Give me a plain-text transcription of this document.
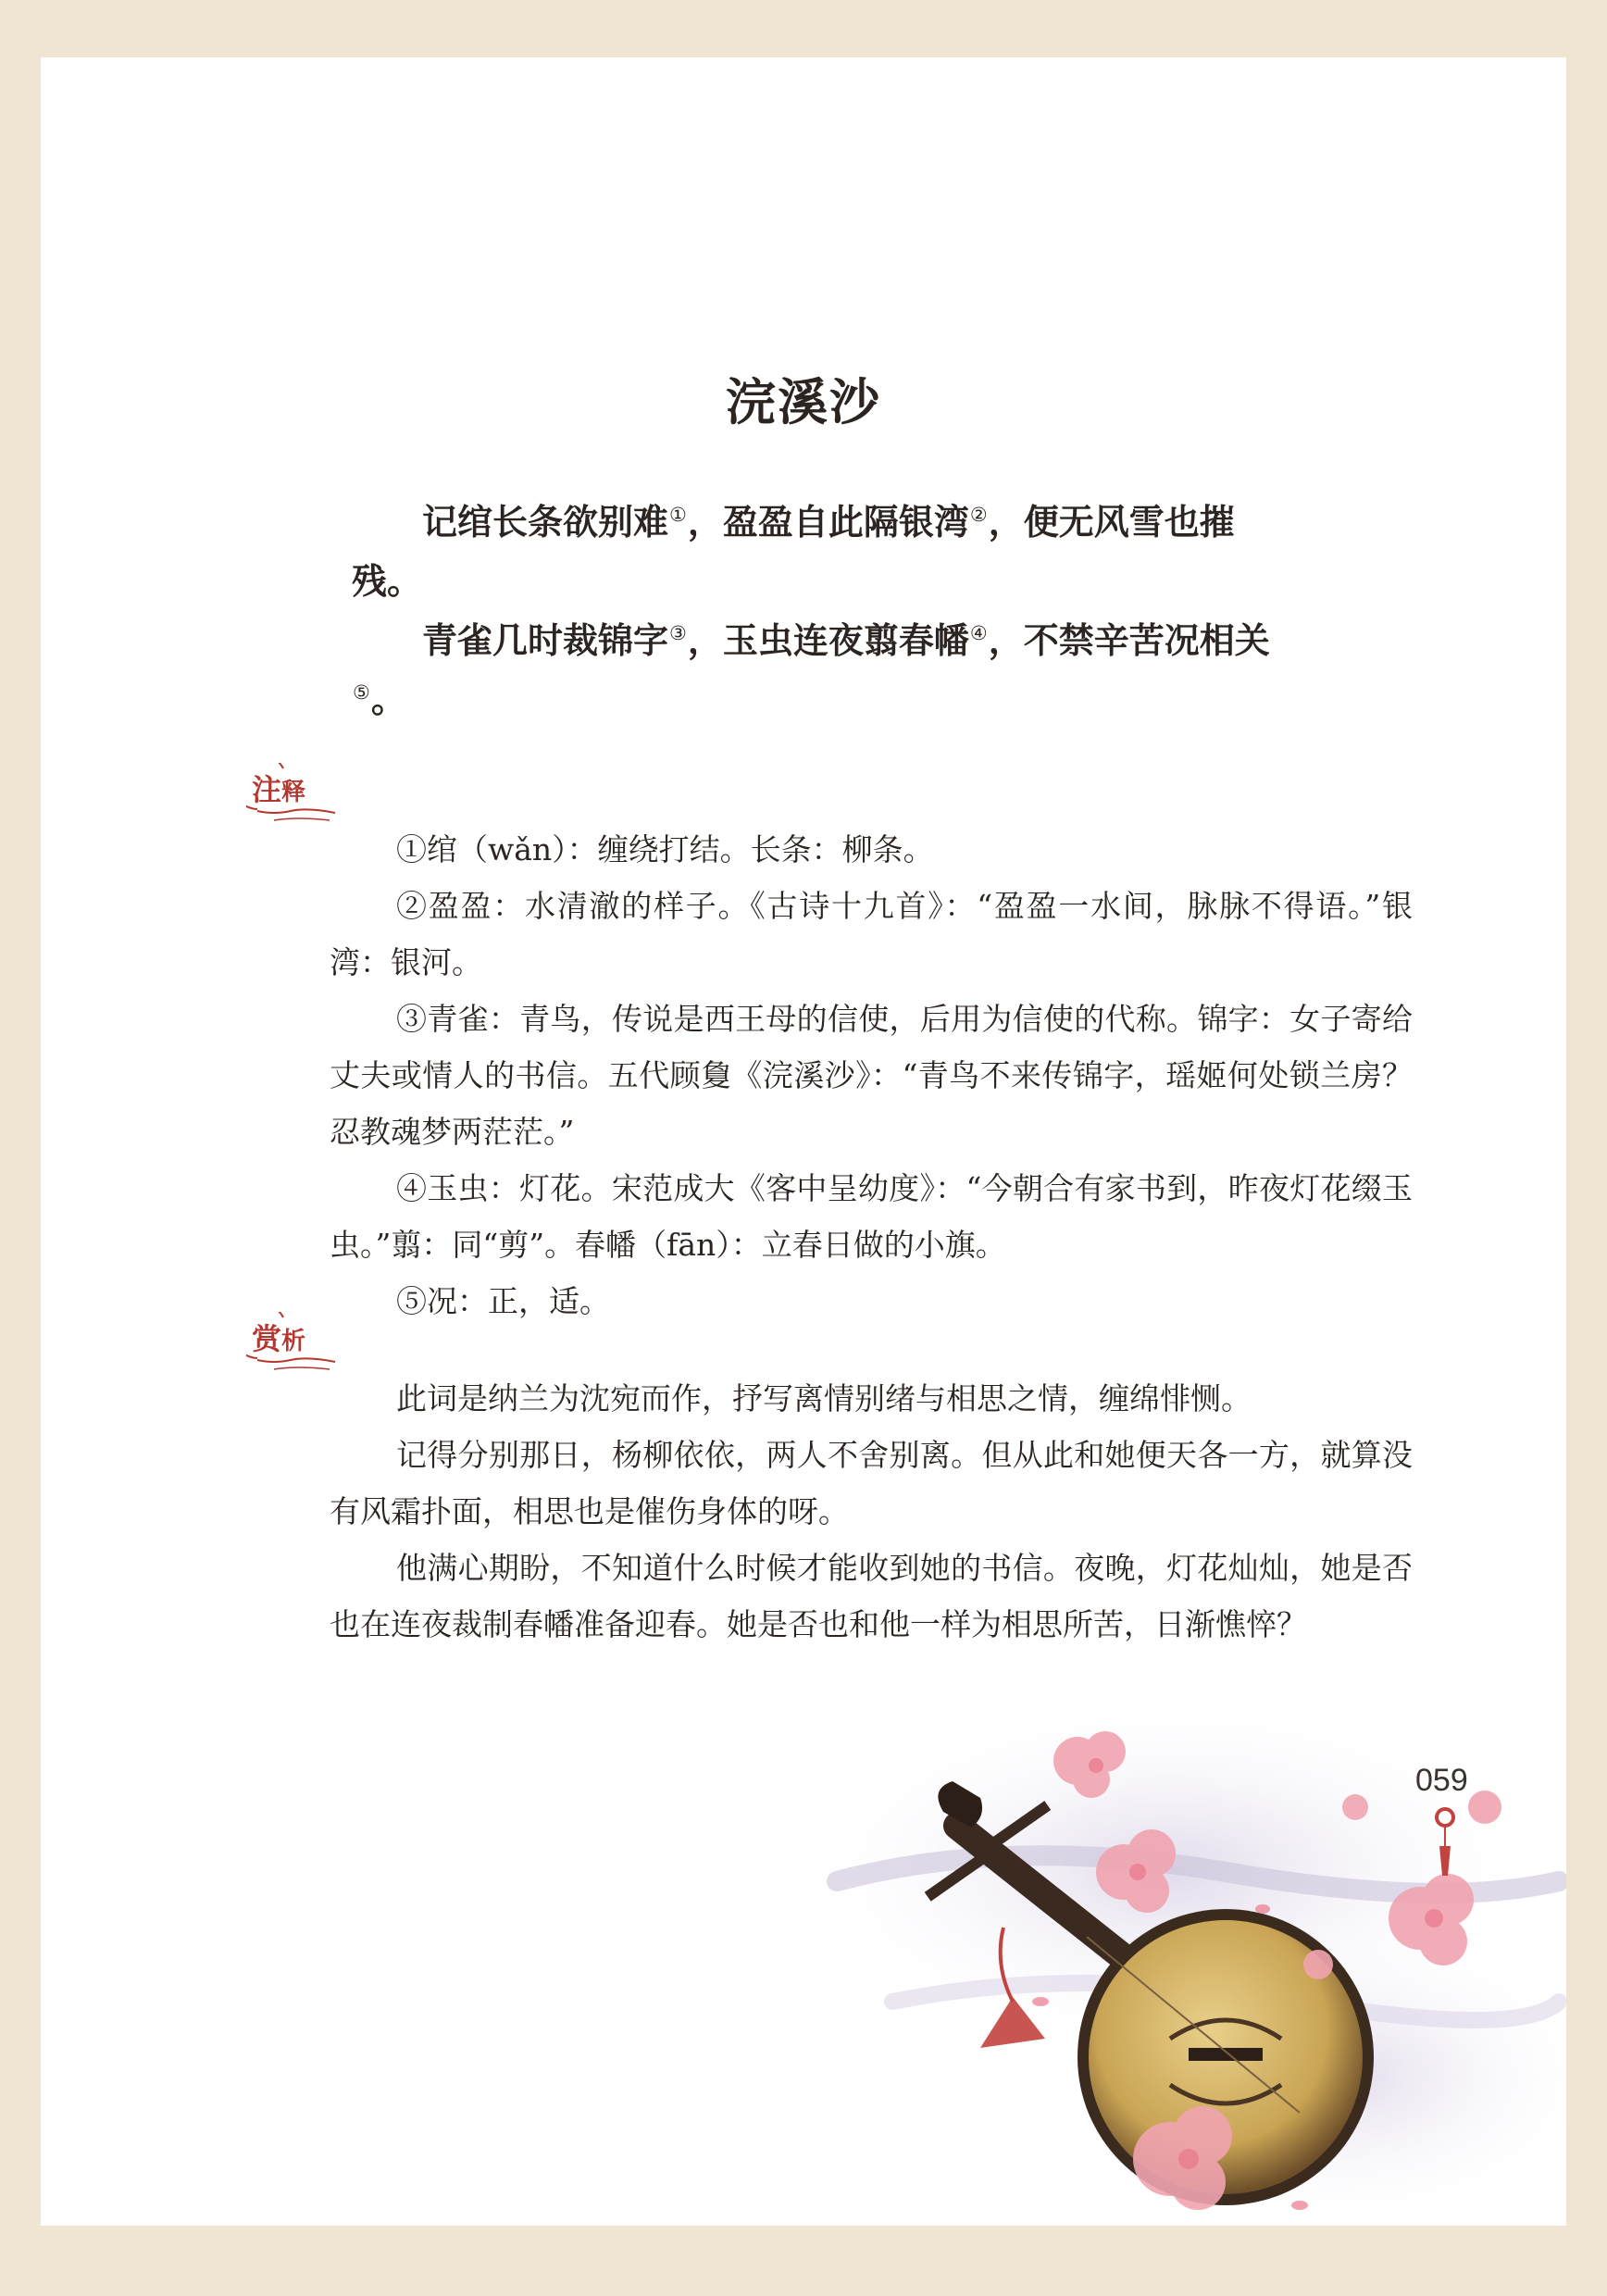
浣溪沙

记绾长条欲别难①，盈盈自此隔银湾②，便无风雪也摧残。

青雀几时裁锦字③，玉虫连夜翦春幡④，不禁辛苦况相关⑤。

注释

①绾（wǎn）：缠绕打结。长条：柳条。

②盈盈：水清澈的样子。《古诗十九首》：“盈盈一水间，脉脉不得语。”银湾：银河。

③青雀：青鸟，传说是西王母的信使，后用为信使的代称。锦字：女子寄给丈夫或情人的书信。五代顾敻《浣溪沙》：“青鸟不来传锦字，瑶姬何处锁兰房？忍教魂梦两茫茫。”

④玉虫：灯花。宋范成大《客中呈幼度》：“今朝合有家书到，昨夜灯花缀玉虫。”翦：同“剪”。春幡（fān）：立春日做的小旗。

⑤况：正，适。

赏析

此词是纳兰为沈宛而作，抒写离情别绪与相思之情，缠绵悱恻。

记得分别那日，杨柳依依，两人不舍别离。但从此和她便天各一方，就算没有风霜扑面，相思也是催伤身体的呀。

他满心期盼，不知道什么时候才能收到她的书信。夜晚，灯花灿灿，她是否也在连夜裁制春幡准备迎春。她是否也和他一样为相思所苦，日渐憔悴？

059
